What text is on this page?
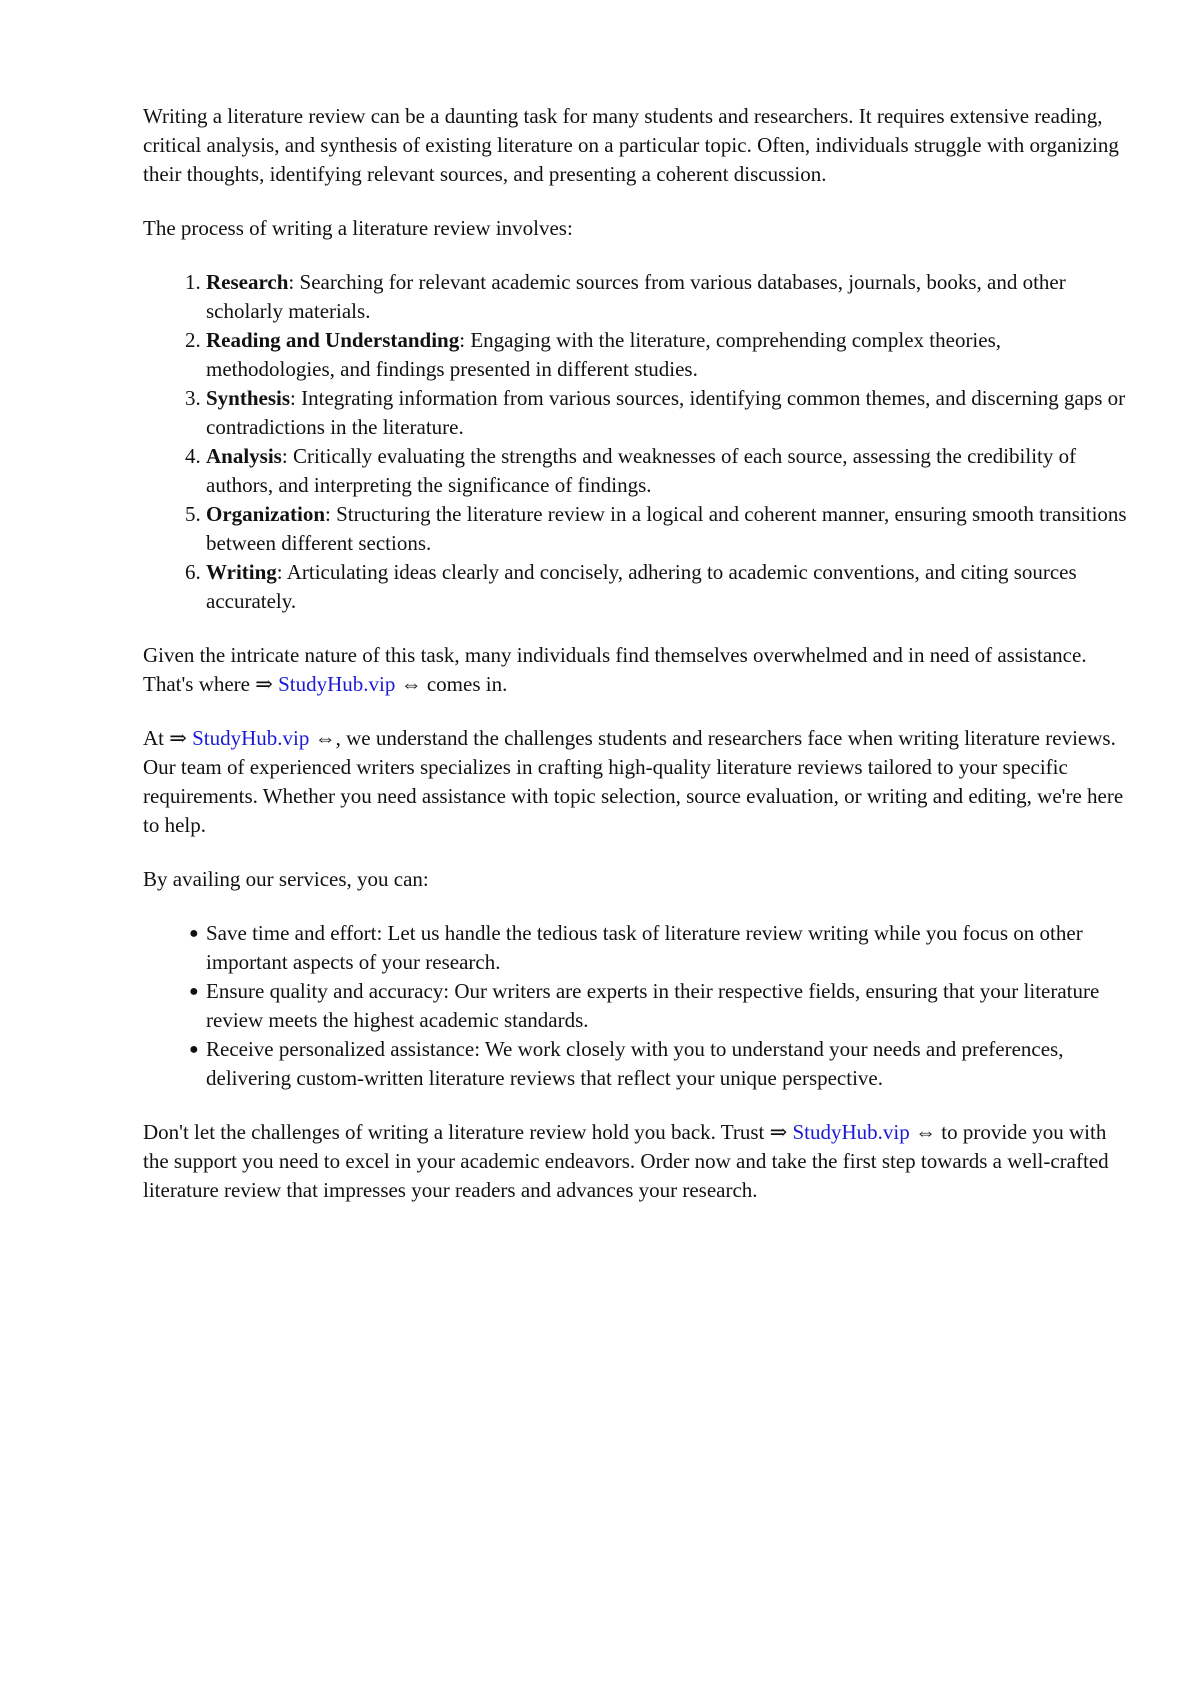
Writing a literature review can be a daunting task for many students and researchers. It requires extensive reading, critical analysis, and synthesis of existing literature on a particular topic. Often, individuals struggle with organizing their thoughts, identifying relevant sources, and presenting a coherent discussion.

The process of writing a literature review involves:

1. Research: Searching for relevant academic sources from various databases, journals, books, and other scholarly materials.
2. Reading and Understanding: Engaging with the literature, comprehending complex theories, methodologies, and findings presented in different studies.
3. Synthesis: Integrating information from various sources, identifying common themes, and discerning gaps or contradictions in the literature.
4. Analysis: Critically evaluating the strengths and weaknesses of each source, assessing the credibility of authors, and interpreting the significance of findings.
5. Organization: Structuring the literature review in a logical and coherent manner, ensuring smooth transitions between different sections.
6. Writing: Articulating ideas clearly and concisely, adhering to academic conventions, and citing sources accurately.

Given the intricate nature of this task, many individuals find themselves overwhelmed and in need of assistance. That's where ⇒ StudyHub.vip ⇔ comes in.

At ⇒ StudyHub.vip ⇔, we understand the challenges students and researchers face when writing literature reviews. Our team of experienced writers specializes in crafting high-quality literature reviews tailored to your specific requirements. Whether you need assistance with topic selection, source evaluation, or writing and editing, we're here to help.

By availing our services, you can:

● Save time and effort: Let us handle the tedious task of literature review writing while you focus on other important aspects of your research.
● Ensure quality and accuracy: Our writers are experts in their respective fields, ensuring that your literature review meets the highest academic standards.
● Receive personalized assistance: We work closely with you to understand your needs and preferences, delivering custom-written literature reviews that reflect your unique perspective.

Don't let the challenges of writing a literature review hold you back. Trust ⇒ StudyHub.vip ⇔ to provide you with the support you need to excel in your academic endeavors. Order now and take the first step towards a well-crafted literature review that impresses your readers and advances your research.
